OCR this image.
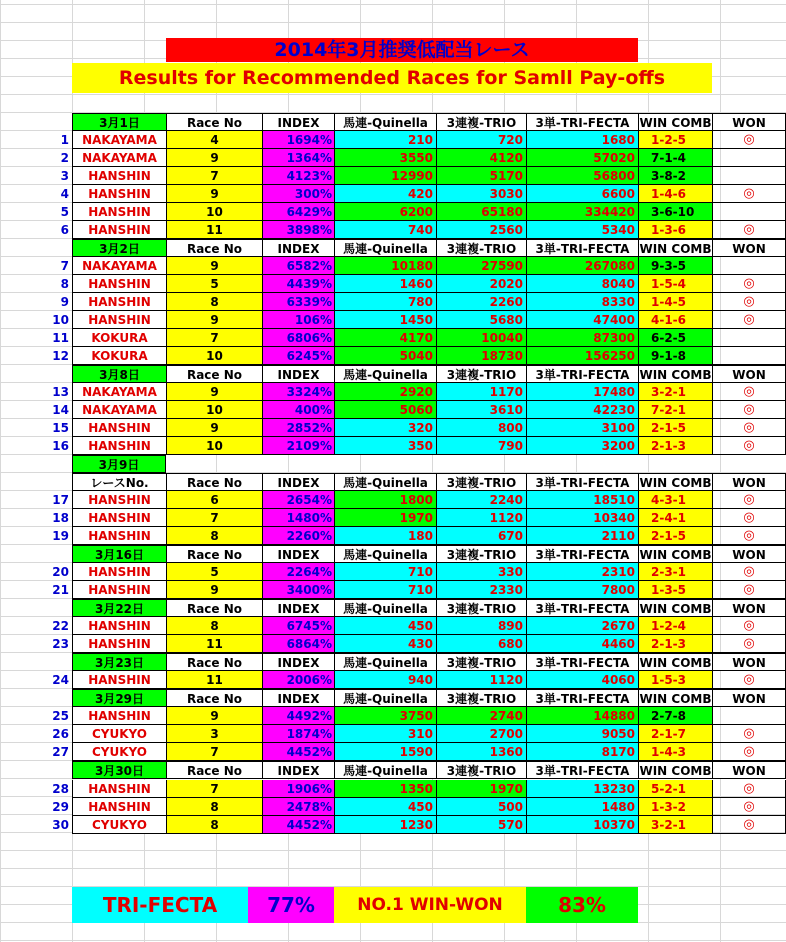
2014年3月推奨低配当レース
Results for Recommended Races for Samll Pay-offs
3月1日	Race No	INDEX	馬連-Quinella	3連複-TRIO	3単-TRI-FECTA WIN COMB	WON
1	NAKAYAMA	4	1694%	210	720	1680	1-2-5	◎
2	NAKAYAMA	9	1364%	3550	4120	57020	7-1-4
3	HANSHIN	7	4123%	12990	5170	56800	3-8-2
4	HANSHIN	9	300%	420	3030	6600	1-4-6	◎
5	HANSHIN	10	6429%	6200	65180	334420	3-6-10
6	HANSHIN	11	3898%	740	2560	5340	1-3-6	◎
3月2日	Race No	INDEX	馬連-Quinella	3連複-TRIO	3単-TRI-FECTA WIN COMB	WON
7	NAKAYAMA	9	6582%	10180	27590	267080	9-3-5
8	HANSHIN	5	4439%	1460	2020	8040	1-5-4	◎
9	HANSHIN	8	6339%	780	2260	8330	1-4-5	◎
10	HANSHIN	9	106%	1450	5680	47400	4-1-6	◎
11	KOKURA	7	6806%	4170	10040	87300	6-2-5
12	KOKURA	10	6245%	5040	18730	156250	9-1-8
3月8日	Race No	INDEX	馬連-Quinella	3連複-TRIO	3単-TRI-FECTA WIN COMB	WON
13	NAKAYAMA	9	3324%	2920	1170	17480	3-2-1	◎
14	NAKAYAMA	10	400%	5060	3610	42230	7-2-1	◎
15	HANSHIN	9	2852%	320	800	3100	2-1-5	◎
16	HANSHIN	10	2109%	350	790	3200	2-1-3	◎
3月9日
レースNo.	Race No	INDEX	馬連-Quinella	3連複-TRIO	3単-TRI-FECTA WIN COMB	WON
17	HANSHIN	6	2654%	1800	2240	18510	4-3-1	◎
18	HANSHIN	7	1480%	1970	1120	10340	2-4-1	◎
19	HANSHIN	8	2260%	180	670	2110	2-1-5	◎
3月16日	Race No	INDEX	馬連-Quinella	3連複-TRIO	3単-TRI-FECTA WIN COMB	WON
20	HANSHIN	5	2264%	710	330	2310	2-3-1	◎
21	HANSHIN	9	3400%	710	2330	7800	1-3-5	◎
3月22日	Race No	INDEX	馬連-Quinella	3連複-TRIO	3単-TRI-FECTA WIN COMB	WON
22	HANSHIN	8	6745%	450	890	2670	1-2-4	◎
23	HANSHIN	11	6864%	430	680	4460	2-1-3	◎
3月23日	Race No	INDEX	馬連-Quinella	3連複-TRIO	3単-TRI-FECTA WIN COMB	WON
24	HANSHIN	11	2006%	940	1120	4060	1-5-3	◎
3月29日	Race No	INDEX	馬連-Quinella	3連複-TRIO	3単-TRI-FECTA WIN COMB	WON
25	HANSHIN	9	4492%	3750	2740	14880	2-7-8
26	CYUKYO	3	1874%	310	2700	9050	2-1-7	◎
27	CYUKYO	7	4452%	1590	1360	8170	1-4-3	◎
3月30日	Race No	INDEX	馬連-Quinella	3連複-TRIO	3単-TRI-FECTA WIN COMB	WON
28	HANSHIN	7	1906%	1350	1970	13230	5-2-1	◎
29	HANSHIN	8	2478%	450	500	1480	1-3-2	◎
30	CYUKYO	8	4452%	1230	570	10370	3-2-1	◎
TRI-FECTA	77%	NO.1 WIN-WON	83%
